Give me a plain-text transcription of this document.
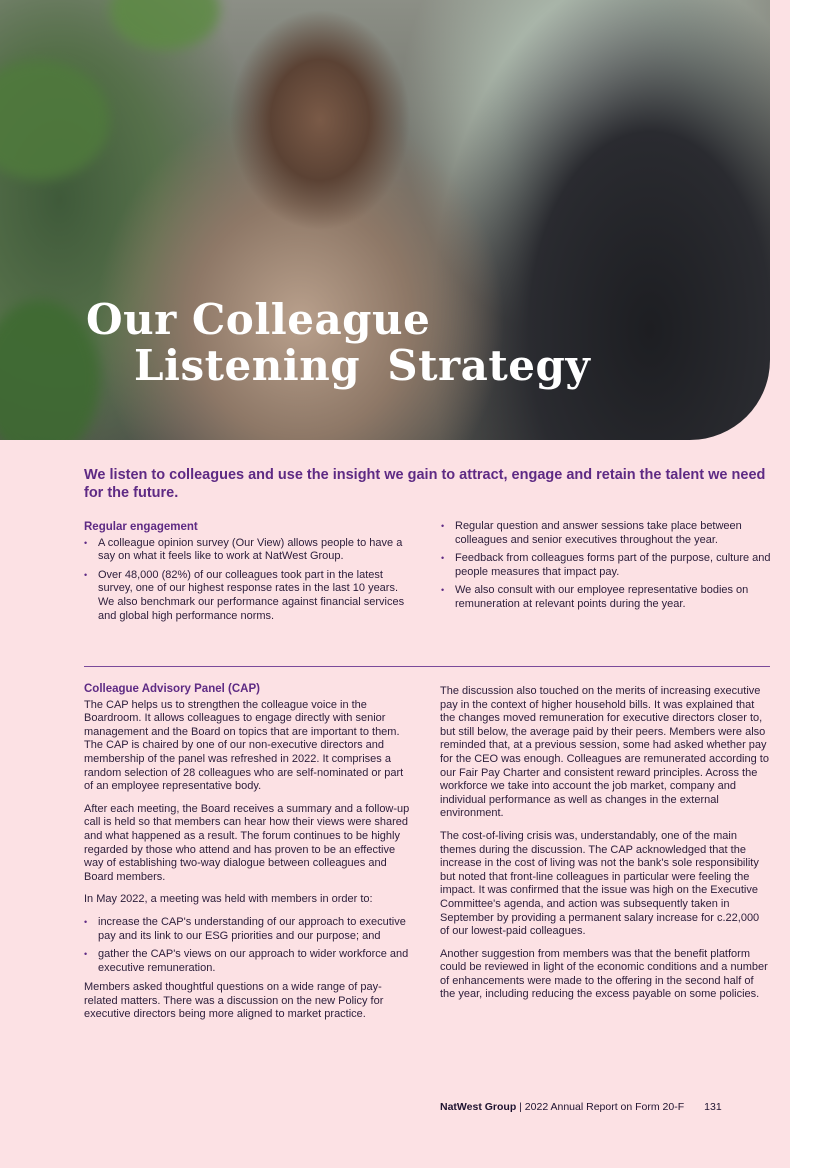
Our Colleague
Listening Strategy

We listen to colleagues and use the insight we gain to attract, engage and retain the talent we need for the future.

Regular engagement
• A colleague opinion survey (Our View) allows people to have a say on what it feels like to work at NatWest Group.
• Over 48,000 (82%) of our colleagues took part in the latest survey, one of our highest response rates in the last 10 years. We also benchmark our performance against financial services and global high performance norms.
• Regular question and answer sessions take place between colleagues and senior executives throughout the year.
• Feedback from colleagues forms part of the purpose, culture and people measures that impact pay.
• We also consult with our employee representative bodies on remuneration at relevant points during the year.
Colleague Advisory Panel (CAP)

The CAP helps us to strengthen the colleague voice in the Boardroom. It allows colleagues to engage directly with senior management and the Board on topics that are important to them. The CAP is chaired by one of our non-executive directors and membership of the panel was refreshed in 2022. It comprises a random selection of 28 colleagues who are self-nominated or part of an employee representative body.

After each meeting, the Board receives a summary and a follow-up call is held so that members can hear how their views were shared and what happened as a result. The forum continues to be highly regarded by those who attend and has proven to be an effective way of establishing two-way dialogue between colleagues and Board members.

In May 2022, a meeting was held with members in order to:

• increase the CAP's understanding of our approach to executive pay and its link to our ESG priorities and our purpose; and
• gather the CAP's views on our approach to wider workforce and executive remuneration.

Members asked thoughtful questions on a wide range of pay-related matters. There was a discussion on the new Policy for executive directors being more aligned to market practice.

The discussion also touched on the merits of increasing executive pay in the context of higher household bills. It was explained that the changes moved remuneration for executive directors closer to, but still below, the average paid by their peers. Members were also reminded that, at a previous session, some had asked whether pay for the CEO was enough. Colleagues are remunerated according to our Fair Pay Charter and consistent reward principles. Across the workforce we take into account the job market, company and individual performance as well as changes in the external environment.

The cost-of-living crisis was, understandably, one of the main themes during the discussion. The CAP acknowledged that the increase in the cost of living was not the bank's sole responsibility but noted that front-line colleagues in particular were feeling the impact. It was confirmed that the issue was high on the Executive Committee's agenda, and action was subsequently taken in September by providing a permanent salary increase for c.22,000 of our lowest-paid colleagues.

Another suggestion from members was that the benefit platform could be reviewed in light of the economic conditions and a number of enhancements were made to the offering in the second half of the year, including reducing the excess payable on some policies.

NatWest Group | 2022 Annual Report on Form 20-F 131
